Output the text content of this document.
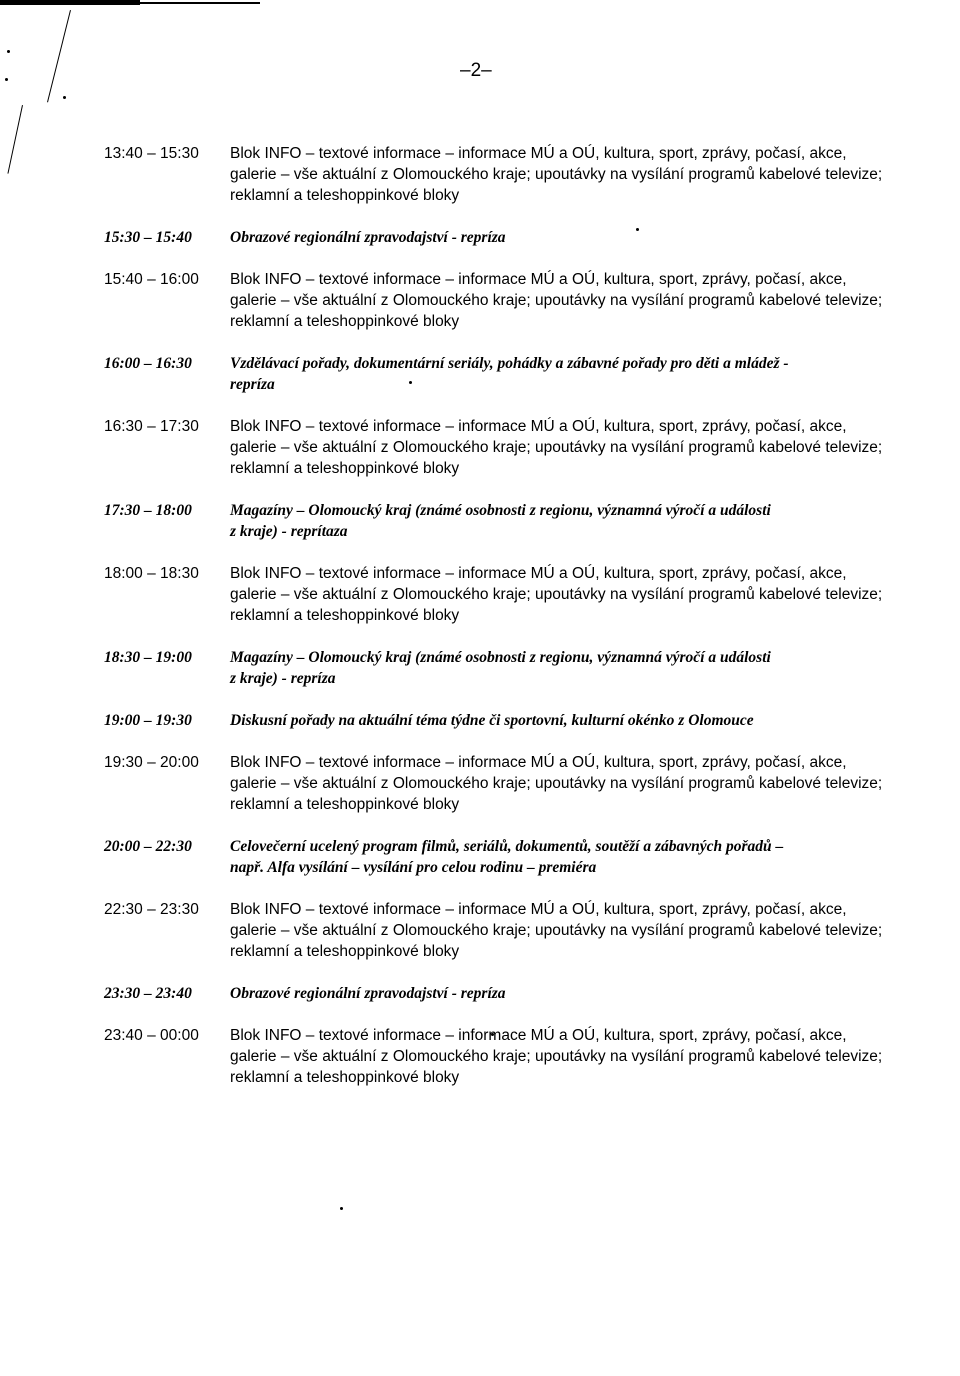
–2–
13:40 – 15:30	Blok INFO – textové informace – informace MÚ a OÚ, kultura, sport, zprávy, počasí, akce,
galerie – vše aktuální z Olomouckého kraje; upoutávky na vysílání programů kabelové televize;
reklamní a teleshoppinkové bloky
15:30 – 15:40	Obrazové regionální zpravodajství - repríza
15:40 – 16:00	Blok INFO – textové informace – informace MÚ a OÚ, kultura, sport, zprávy, počasí, akce,
galerie – vše aktuální z Olomouckého kraje; upoutávky na vysílání programů kabelové televize;
reklamní a teleshoppinkové bloky
16:00 – 16:30	Vzdělávací pořady, dokumentární seriály, pohádky a zábavné pořady pro děti a mládež -
repríza
16:30 – 17:30	Blok INFO – textové informace – informace MÚ a OÚ, kultura, sport, zprávy, počasí, akce,
galerie – vše aktuální z Olomouckého kraje; upoutávky na vysílání programů kabelové televize;
reklamní a teleshoppinkové bloky
17:30 – 18:00	Magazíny – Olomoucký kraj (známé osobnosti z regionu, významná výročí a události
z kraje) - reprítaza
18:00 – 18:30	Blok INFO – textové informace – informace MÚ a OÚ, kultura, sport, zprávy, počasí, akce,
galerie – vše aktuální z Olomouckého kraje; upoutávky na vysílání programů kabelové televize;
reklamní a teleshoppinkové bloky
18:30 – 19:00	Magazíny – Olomoucký kraj (známé osobnosti z regionu, významná výročí a události
z kraje) - repríza
19:00 – 19:30	Diskusní pořady na aktuální téma týdne či sportovní, kulturní okénko z Olomouce
19:30 – 20:00	Blok INFO – textové informace – informace MÚ a OÚ, kultura, sport, zprávy, počasí, akce,
galerie – vše aktuální z Olomouckého kraje; upoutávky na vysílání programů kabelové televize;
reklamní a teleshoppinkové bloky
20:00 – 22:30	Celovečerní ucelený program filmů, seriálů, dokumentů, soutěží a zábavných pořadů –
např. Alfa vysílání – vysílání pro celou rodinu – premiéra
22:30 – 23:30	Blok INFO – textové informace – informace MÚ a OÚ, kultura, sport, zprávy, počasí, akce,
galerie – vše aktuální z Olomouckého kraje; upoutávky na vysílání programů kabelové televize;
reklamní a teleshoppinkové bloky
23:30 – 23:40	Obrazové regionální zpravodajství - repríza
23:40 – 00:00	Blok INFO – textové informace – informace MÚ a OÚ, kultura, sport, zprávy, počasí, akce,
galerie – vše aktuální z Olomouckého kraje; upoutávky na vysílání programů kabelové televize;
reklamní a teleshoppinkové bloky
